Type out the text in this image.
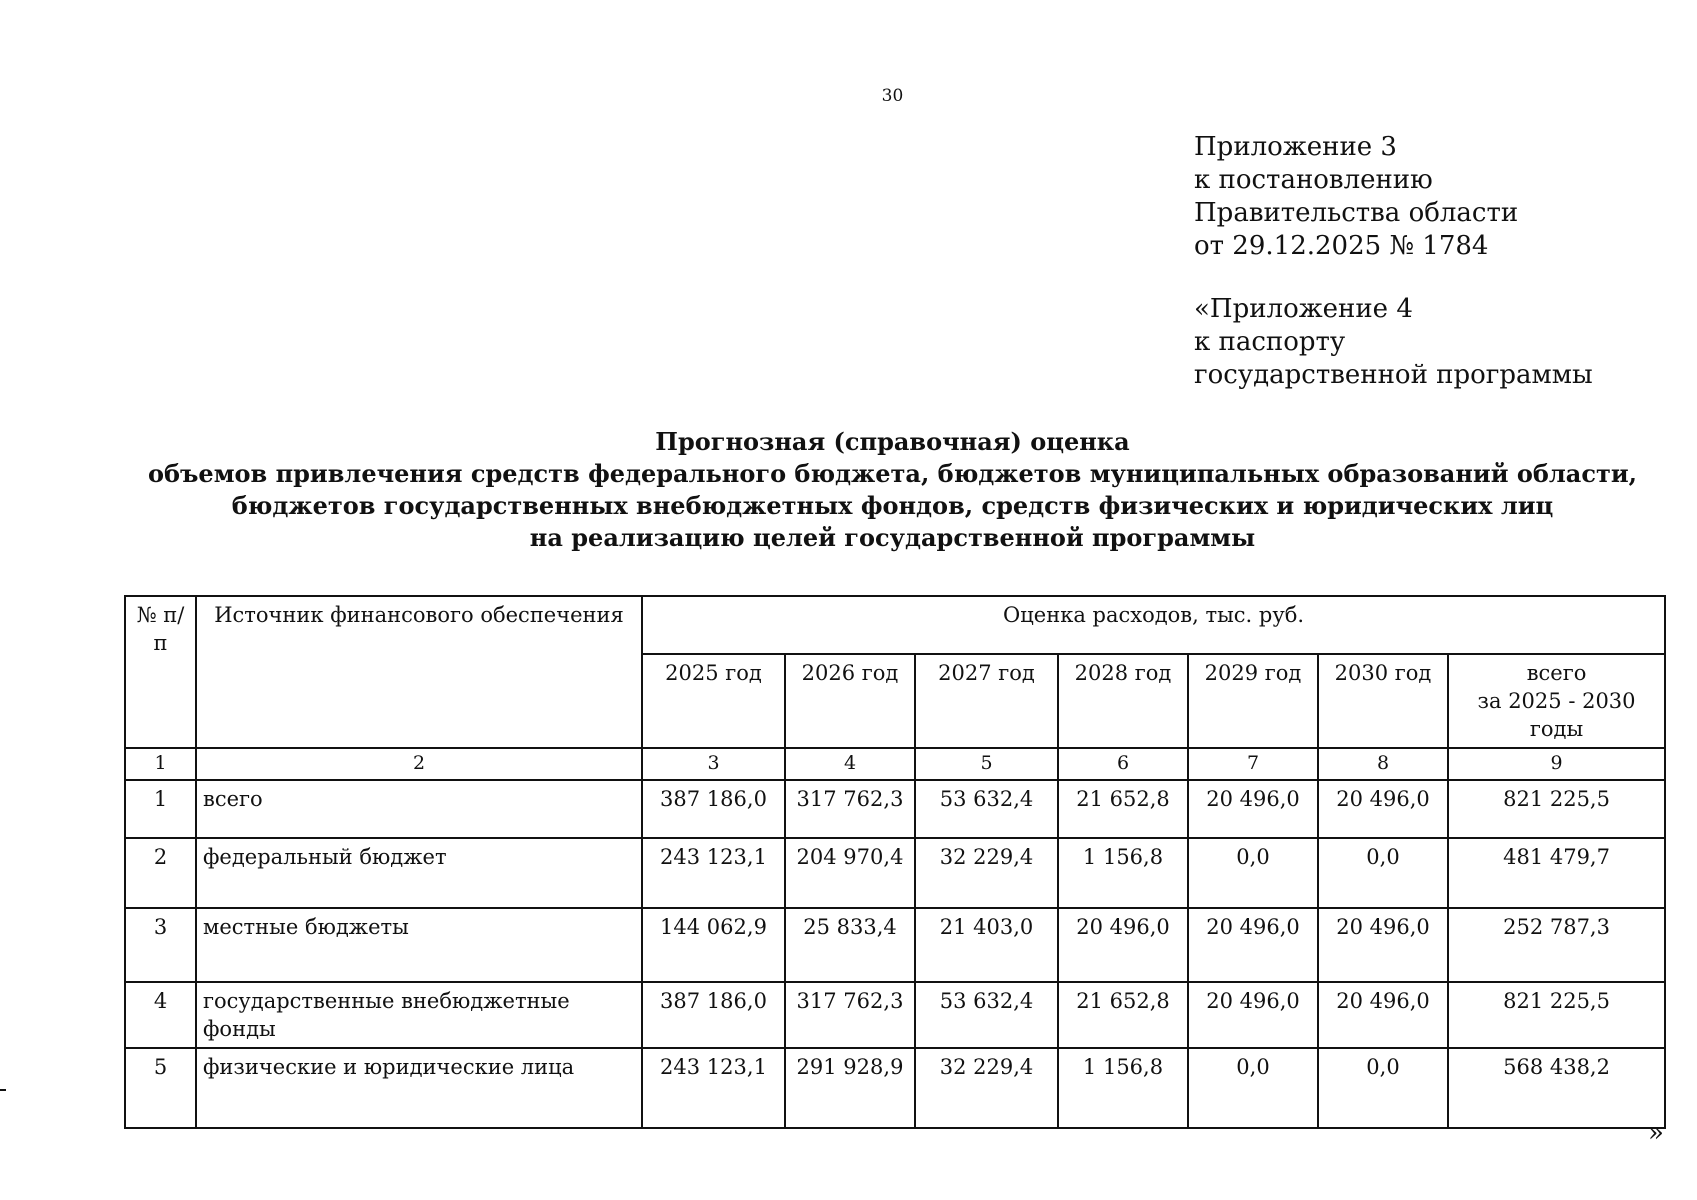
30
Приложение 3
к постановлению
Правительства области
от 29.12.2025 № 1784
«Приложение 4
к паспорту
государственной программы
Прогнозная (справочная) оценка
объемов привлечения средств федерального бюджета, бюджетов муниципальных образований области,
бюджетов государственных внебюджетных фондов, средств физических и юридических лиц
на реализацию целей государственной программы
№ п/п	Источник финансового обеспечения	Оценка расходов, тыс. руб.						
		2025 год	2026 год	2027 год	2028 год	2029 год	2030 год	всего
за 2025 - 2030
годы

1	2	3	4	5	6	7	8	9
1	всего	387 186,0	317 762,3	53 632,4	21 652,8	20 496,0	20 496,0	821 225,5
2	федеральный бюджет	243 123,1	204 970,4	32 229,4	1 156,8	0,0	0,0	481 479,7
3	местные бюджеты	144 062,9	25 833,4	21 403,0	20 496,0	20 496,0	20 496,0	252 787,3
4	государственные внебюджетные фонды	387 186,0	317 762,3	53 632,4	21 652,8	20 496,0	20 496,0	821 225,5
5	физические и юридические лица	243 123,1	291 928,9	32 229,4	1 156,8	0,0	0,0	568 438,2
»
